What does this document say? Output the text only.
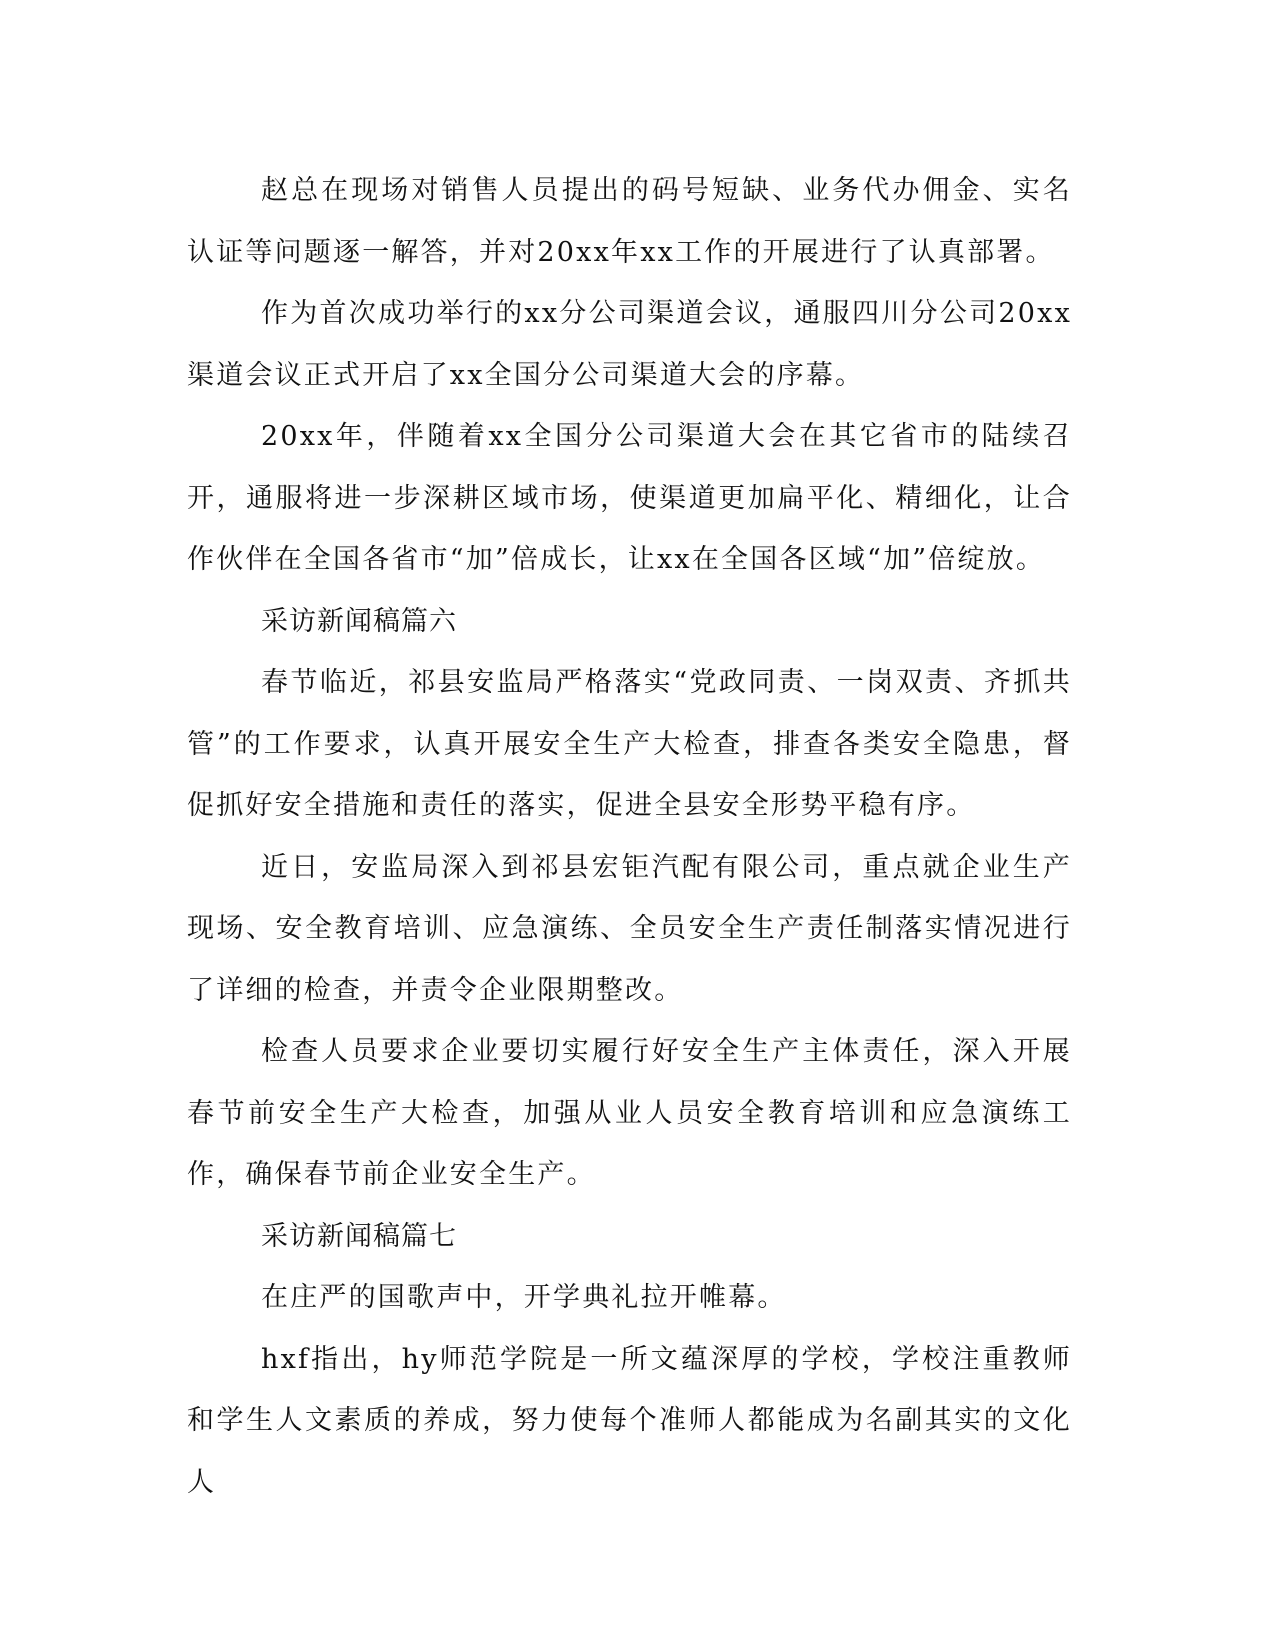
赵总在现场对销售人员提出的码号短缺、业务代办佣金、实名认证等问题逐一解答，并对20xx年xx工作的开展进行了认真部署。

作为首次成功举行的xx分公司渠道会议，通服四川分公司20xx渠道会议正式开启了xx全国分公司渠道大会的序幕。

20xx年，伴随着xx全国分公司渠道大会在其它省市的陆续召开，通服将进一步深耕区域市场，使渠道更加扁平化、精细化，让合作伙伴在全国各省市“加”倍成长，让xx在全国各区域“加”倍绽放。

采访新闻稿篇六

春节临近，祁县安监局严格落实“党政同责、一岗双责、齐抓共管”的工作要求，认真开展安全生产大检查，排查各类安全隐患，督促抓好安全措施和责任的落实，促进全县安全形势平稳有序。

近日，安监局深入到祁县宏钜汽配有限公司，重点就企业生产现场、安全教育培训、应急演练、全员安全生产责任制落实情况进行了详细的检查，并责令企业限期整改。

检查人员要求企业要切实履行好安全生产主体责任，深入开展春节前安全生产大检查，加强从业人员安全教育培训和应急演练工作，确保春节前企业安全生产。

采访新闻稿篇七

在庄严的国歌声中，开学典礼拉开帷幕。

hxf指出，hy师范学院是一所文蕴深厚的学校，学校注重教师和学生人文素质的养成，努力使每个准师人都能成为名副其实的文化人
